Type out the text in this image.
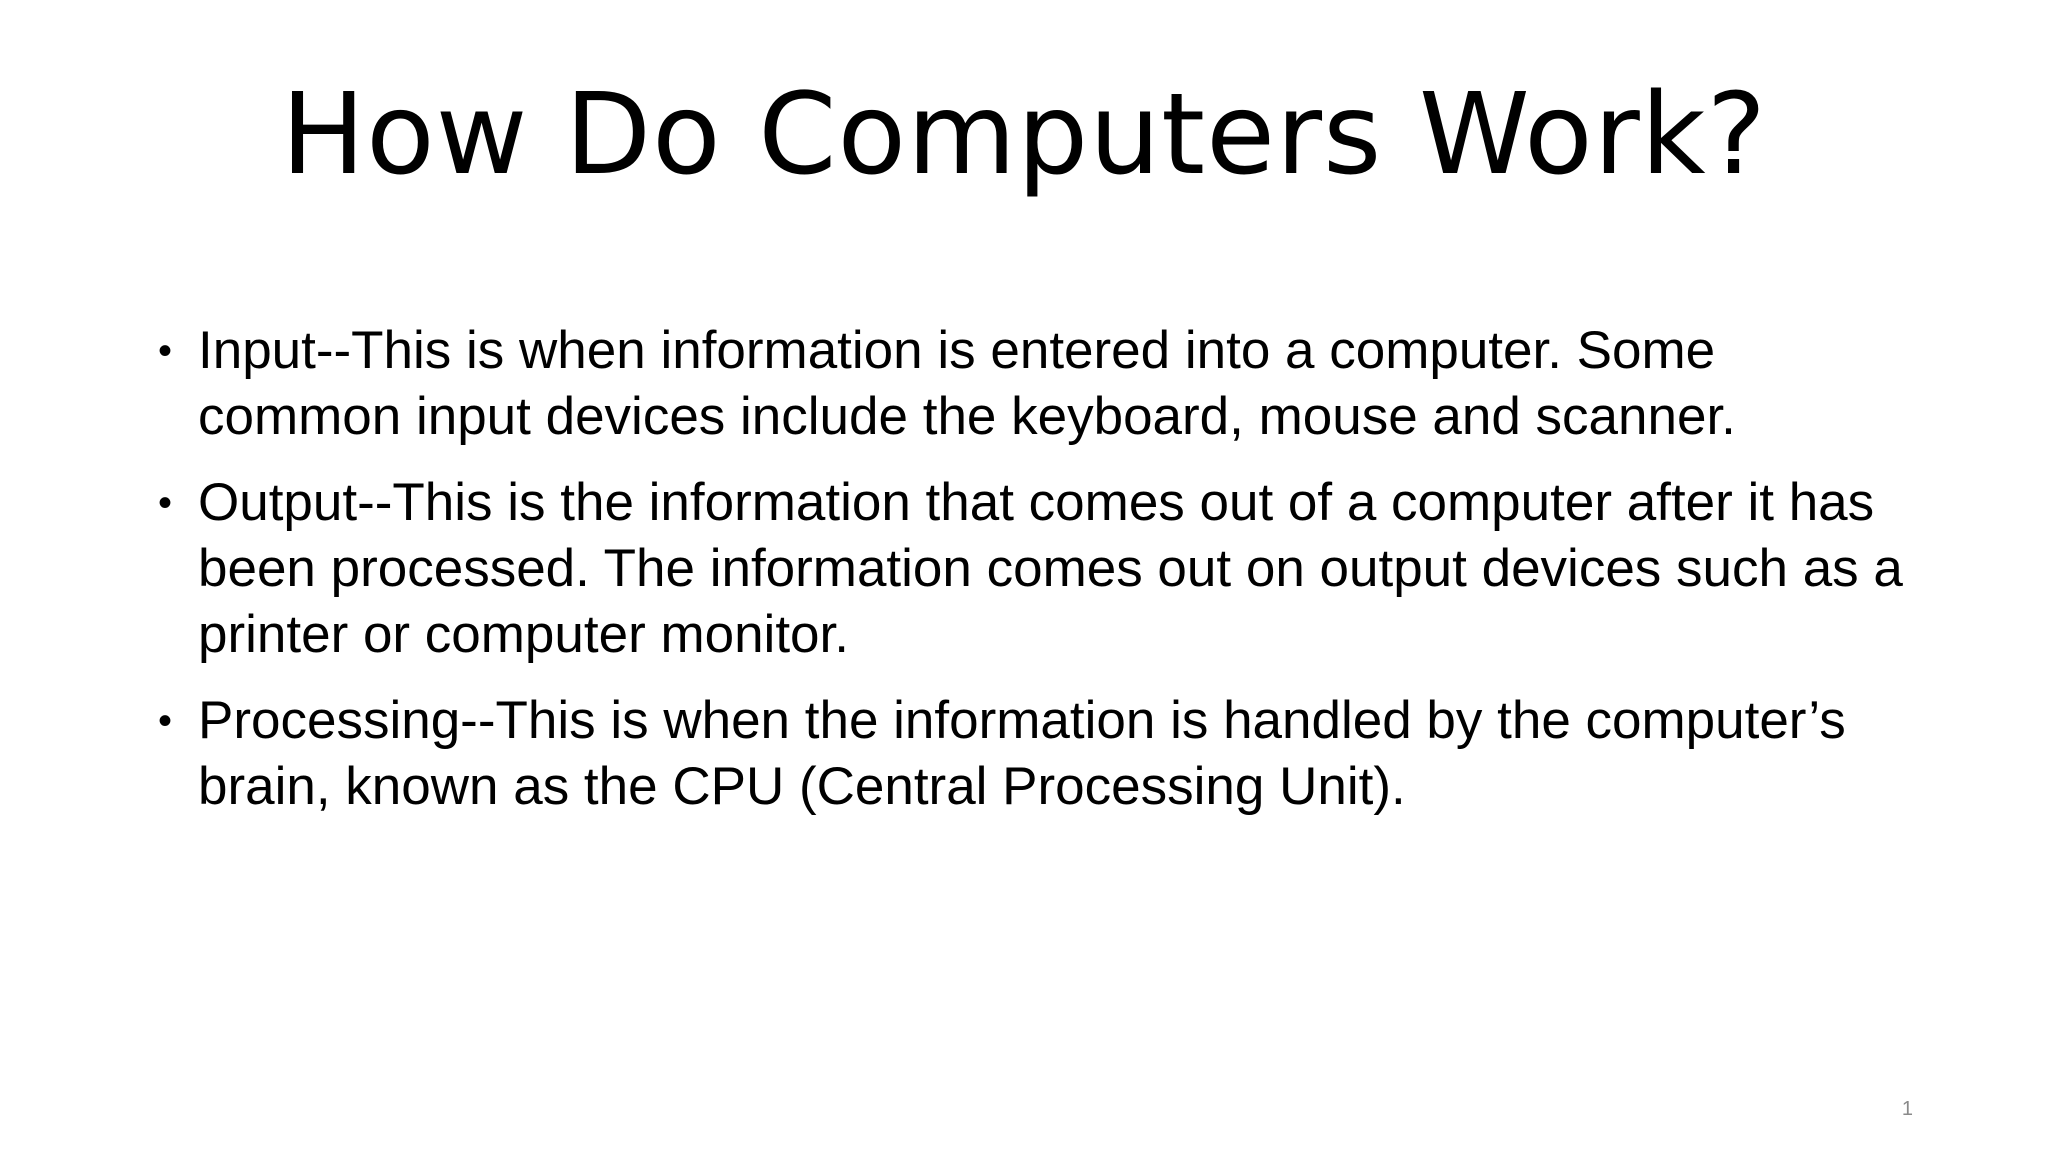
How Do Computers Work?
• Input--This is when information is entered into a computer. Some common input devices include the keyboard, mouse and scanner.
• Output--This is the information that comes out of a computer after it has been processed. The information comes out on output devices such as a printer or computer monitor.
• Processing--This is when the information is handled by the computer’s brain, known as the CPU (Central Processing Unit).
1
